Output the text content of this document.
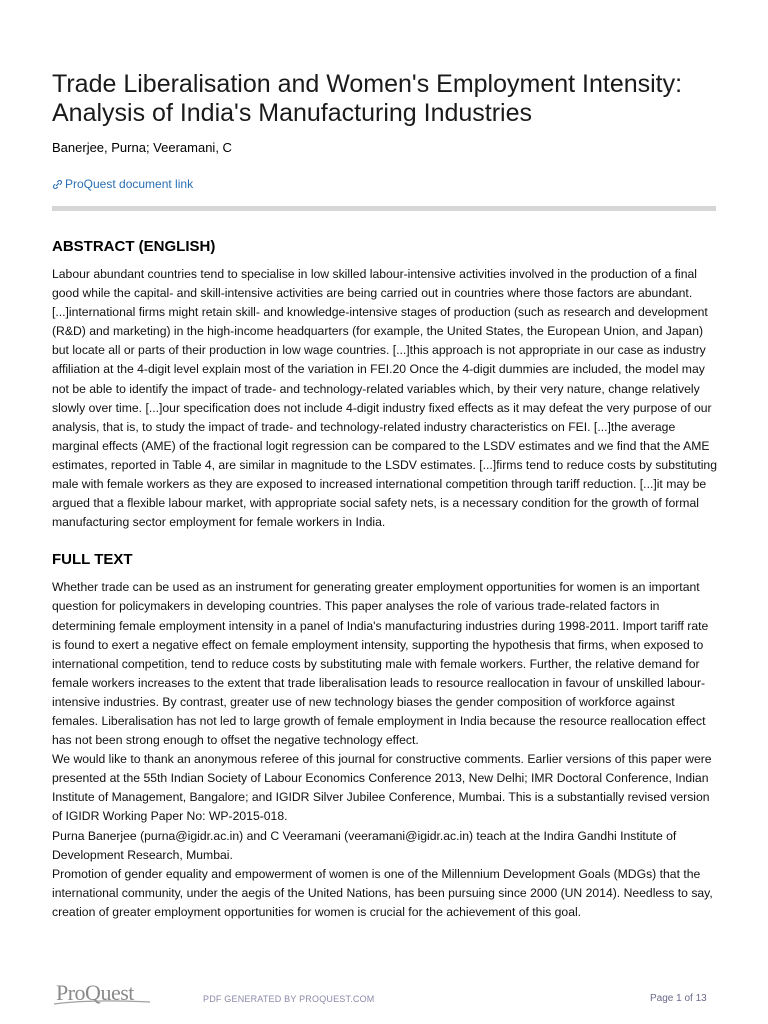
Trade Liberalisation and Women's Employment Intensity: Analysis of India's Manufacturing Industries
Banerjee, Purna; Veeramani, C
ProQuest document link
ABSTRACT (ENGLISH)

Labour abundant countries tend to specialise in low skilled labour-intensive activities involved in the production of a final good while the capital- and skill-intensive activities are being carried out in countries where those factors are abundant. [...]international firms might retain skill- and knowledge-intensive stages of production (such as research and development (R&D) and marketing) in the high-income headquarters (for example, the United States, the European Union, and Japan) but locate all or parts of their production in low wage countries. [...]this approach is not appropriate in our case as industry affiliation at the 4-digit level explain most of the variation in FEI.20 Once the 4-digit dummies are included, the model may not be able to identify the impact of trade- and technology-related variables which, by their very nature, change relatively slowly over time. [...]our specification does not include 4-digit industry fixed effects as it may defeat the very purpose of our analysis, that is, to study the impact of trade- and technology-related industry characteristics on FEI. [...]the average marginal effects (AME) of the fractional logit regression can be compared to the LSDV estimates and we find that the AME estimates, reported in Table 4, are similar in magnitude to the LSDV estimates. [...]firms tend to reduce costs by substituting male with female workers as they are exposed to increased international competition through tariff reduction. [...]it may be argued that a flexible labour market, with appropriate social safety nets, is a necessary condition for the growth of formal manufacturing sector employment for female workers in India.

FULL TEXT

Whether trade can be used as an instrument for generating greater employment opportunities for women is an important question for policymakers in developing countries. This paper analyses the role of various trade-related factors in determining female employment intensity in a panel of India's manufacturing industries during 1998-2011. Import tariff rate is found to exert a negative effect on female employment intensity, supporting the hypothesis that firms, when exposed to international competition, tend to reduce costs by substituting male with female workers. Further, the relative demand for female workers increases to the extent that trade liberalisation leads to resource reallocation in favour of unskilled labour-intensive industries. By contrast, greater use of new technology biases the gender composition of workforce against females. Liberalisation has not led to large growth of female employment in India because the resource reallocation effect has not been strong enough to offset the negative technology effect.

We would like to thank an anonymous referee of this journal for constructive comments. Earlier versions of this paper were presented at the 55th Indian Society of Labour Economics Conference 2013, New Delhi; IMR Doctoral Conference, Indian Institute of Management, Bangalore; and IGIDR Silver Jubilee Conference, Mumbai. This is a substantially revised version of IGIDR Working Paper No: WP-2015-018.

Purna Banerjee (purna@igidr.ac.in) and C Veeramani (veeramani@igidr.ac.in) teach at the Indira Gandhi Institute of Development Research, Mumbai.

Promotion of gender equality and empowerment of women is one of the Millennium Development Goals (MDGs) that the international community, under the aegis of the United Nations, has been pursuing since 2000 (UN 2014). Needless to say, creation of greater employment opportunities for women is crucial for the achievement of this goal.

ProQuest	PDF GENERATED BY PROQUEST.COM	Page 1 of 13
